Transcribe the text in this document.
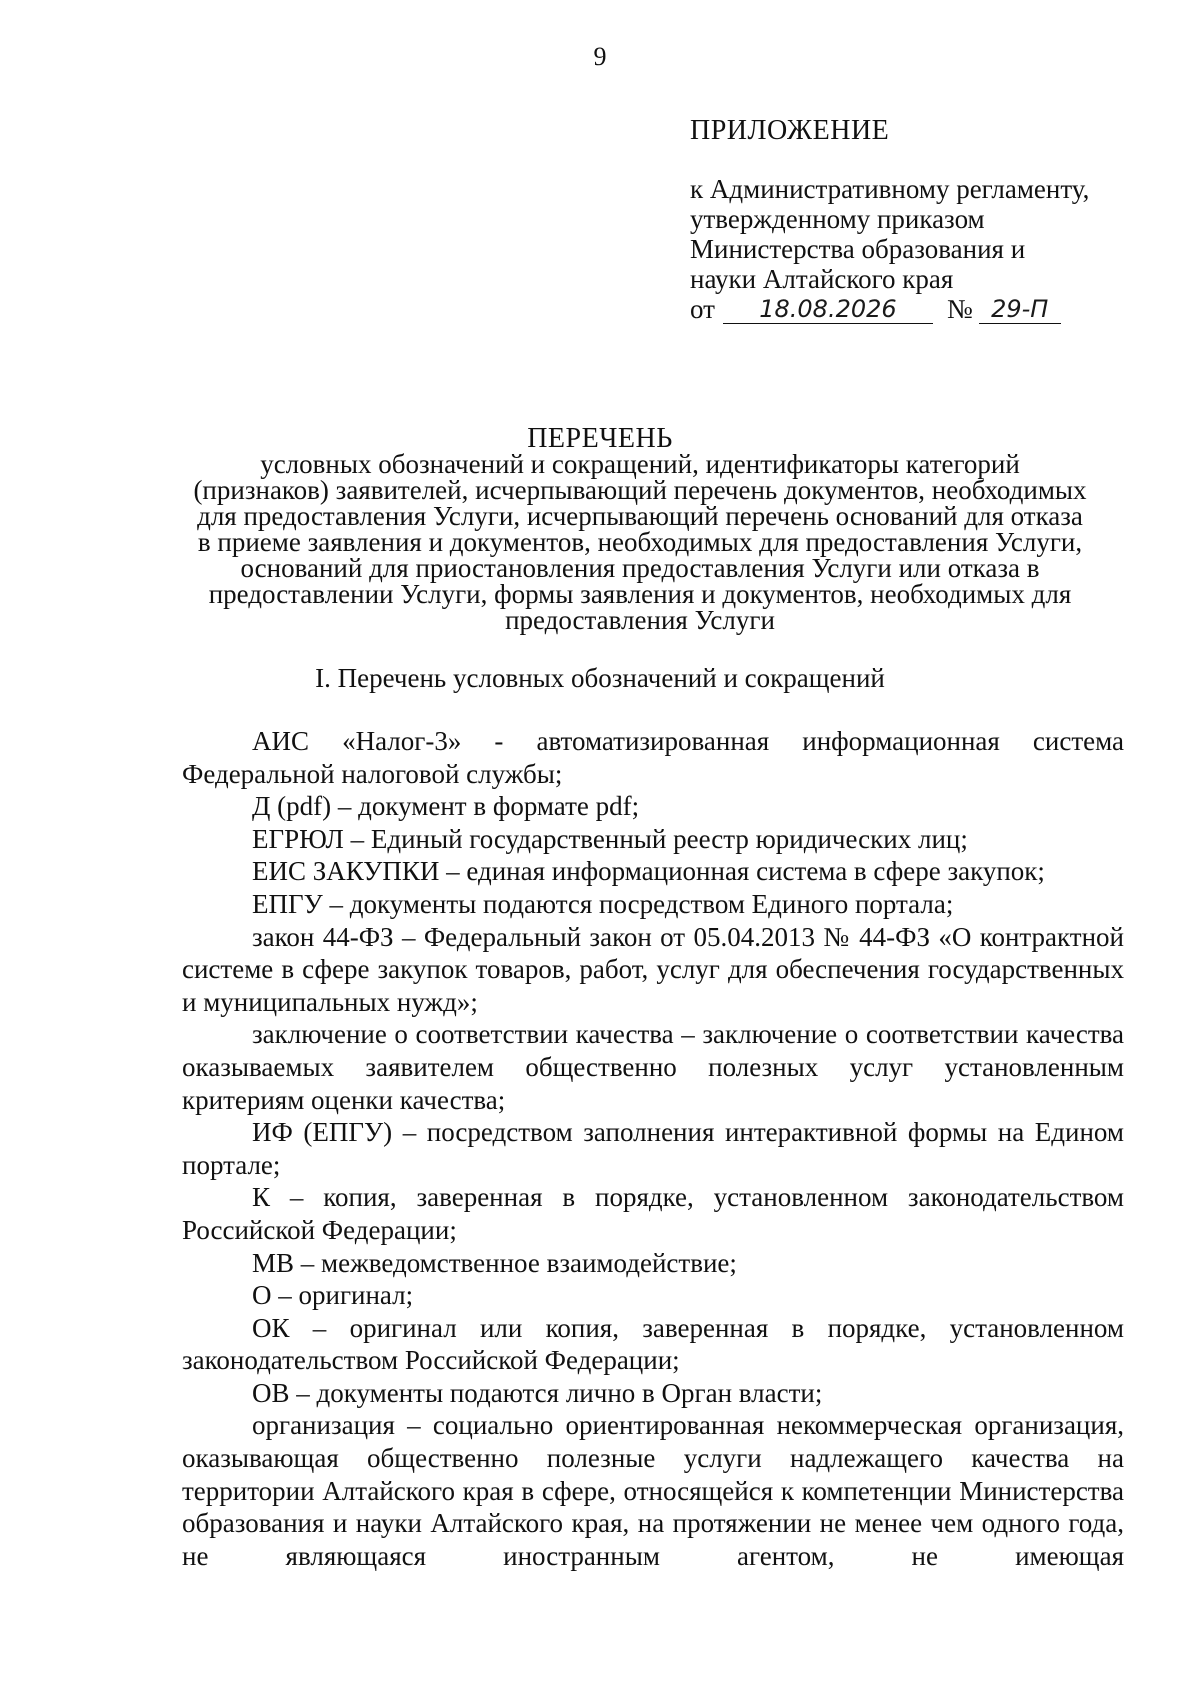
9
ПРИЛОЖЕНИЕ

к Административному регламенту,

утвержденному приказом

Министерства образования и

науки Алтайского края

от	18.08.2026	№ 29-П
ПЕРЕЧЕНЬ
условных обозначений и сокращений, идентификаторы категорий
(признаков) заявителей, исчерпывающий перечень документов, необходимых
для предоставления Услуги, исчерпывающий перечень оснований для отказа
в приеме заявления и документов, необходимых для предоставления Услуги,
оснований для приостановления предоставления Услуги или отказа в
предоставлении Услуги, формы заявления и документов, необходимых для
предоставления Услуги
I. Перечень условных обозначений и сокращений

АИС «Налог-3» - автоматизированная информационная система Федеральной налоговой службы;

Д (pdf) – документ в формате pdf;

ЕГРЮЛ – Единый государственный реестр юридических лиц;

ЕИС ЗАКУПКИ – единая информационная система в сфере закупок;

ЕПГУ – документы подаются посредством Единого портала;

закон 44-ФЗ – Федеральный закон от 05.04.2013 № 44-ФЗ «О контрактной системе в сфере закупок товаров, работ, услуг для обеспечения государственных и муниципальных нужд»;

заключение о соответствии качества – заключение о соответствии качества оказываемых заявителем общественно полезных услуг установленным критериям оценки качества;

ИФ (ЕПГУ) – посредством заполнения интерактивной формы на Едином портале;

К – копия, заверенная в порядке, установленном законодательством Российской Федерации;

МВ – межведомственное взаимодействие;

О – оригинал;

ОК – оригинал или копия, заверенная в порядке, установленном законодательством Российской Федерации;

ОВ – документы подаются лично в Орган власти;

организация – социально ориентированная некоммерческая организация, оказывающая общественно полезные услуги надлежащего качества на территории Алтайского края в сфере, относящейся к компетенции Министерства образования и науки Алтайского края, на протяжении не менее чем одного года, не являющаяся иностранным агентом, не имеющая
